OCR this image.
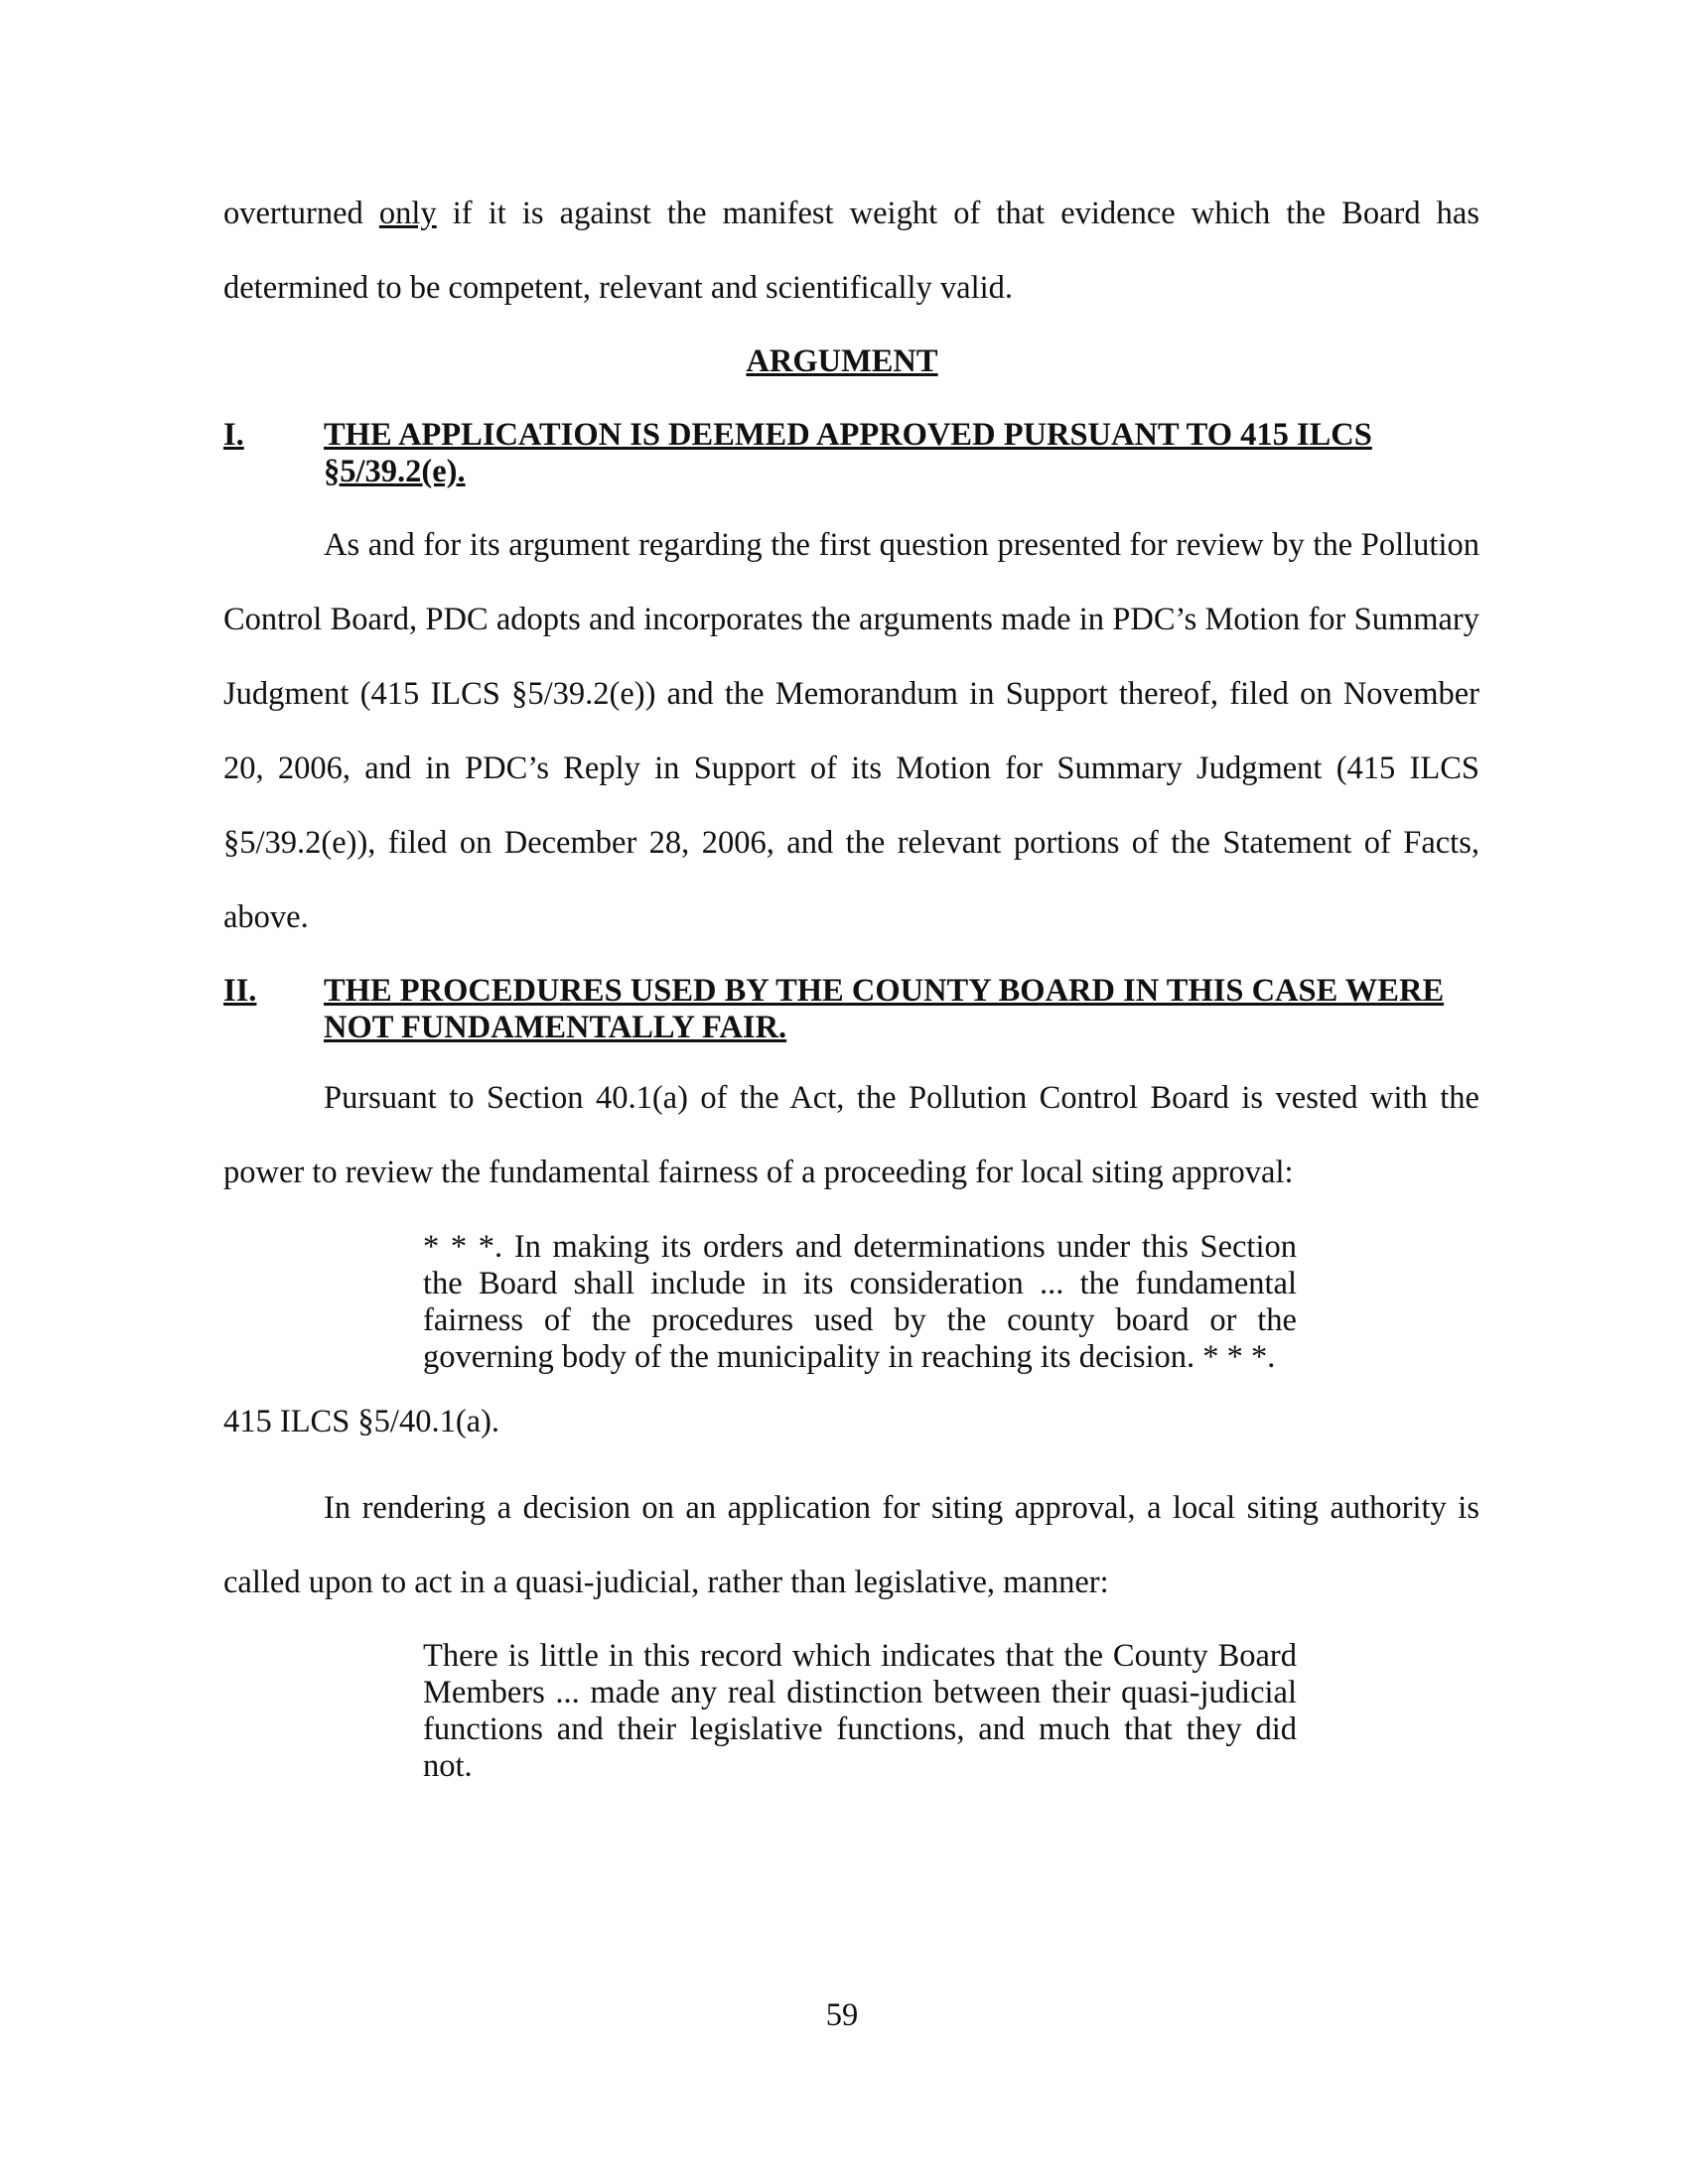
overturned only if it is against the manifest weight of that evidence which the Board has determined to be competent, relevant and scientifically valid.

ARGUMENT
I.	THE APPLICATION IS DEEMED APPROVED PURSUANT TO 415 ILCS §5/39.2(e).

As and for its argument regarding the first question presented for review by the Pollution Control Board, PDC adopts and incorporates the arguments made in PDC’s Motion for Summary Judgment (415 ILCS §5/39.2(e)) and the Memorandum in Support thereof, filed on November 20, 2006, and in PDC’s Reply in Support of its Motion for Summary Judgment (415 ILCS §5/39.2(e)), filed on December 28, 2006, and the relevant portions of the Statement of Facts, above.

II.	THE PROCEDURES USED BY THE COUNTY BOARD IN THIS CASE WERE NOT FUNDAMENTALLY FAIR.

Pursuant to Section 40.1(a) of the Act, the Pollution Control Board is vested with the power to review the fundamental fairness of a proceeding for local siting approval:

* * *. In making its orders and determinations under this Section the Board shall include in its consideration ... the fundamental fairness of the procedures used by the county board or the governing body of the municipality in reaching its decision. * * *.

415 ILCS §5/40.1(a).

In rendering a decision on an application for siting approval, a local siting authority is called upon to act in a quasi-judicial, rather than legislative, manner:

There is little in this record which indicates that the County Board Members ... made any real distinction between their quasi-judicial functions and their legislative functions, and much that they did not.

59
